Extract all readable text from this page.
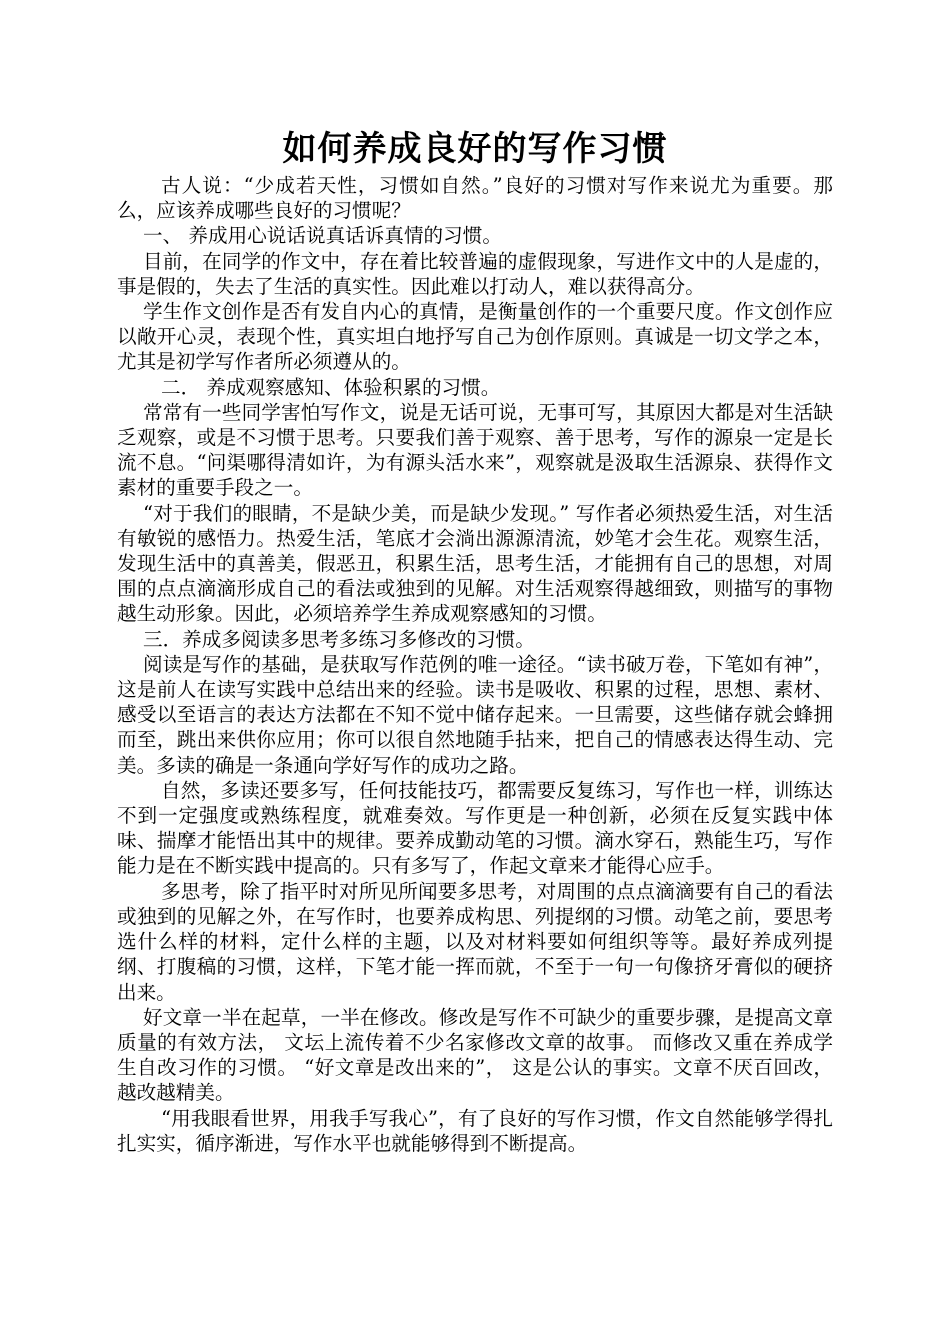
如何养成良好的写作习惯

古人说：“少成若天性，习惯如自然。”良好的习惯对写作来说尤为重要。那么，应该养成哪些良好的习惯呢？

一、 养成用心说话说真话诉真情的习惯。

目前，在同学的作文中，存在着比较普遍的虚假现象，写进作文中的人是虚的，事是假的，失去了生活的真实性。因此难以打动人，难以获得高分。

学生作文创作是否有发自内心的真情，是衡量创作的一个重要尺度。作文创作应以敞开心灵，表现个性，真实坦白地抒写自己为创作原则。真诚是一切文学之本，尤其是初学写作者所必须遵从的。

二． 养成观察感知、体验积累的习惯。

常常有一些同学害怕写作文，说是无话可说，无事可写，其原因大都是对生活缺乏观察，或是不习惯于思考。只要我们善于观察、善于思考，写作的源泉一定是长流不息。“问渠哪得清如许，为有源头活水来”，观察就是汲取生活源泉、获得作文素材的重要手段之一。

“对于我们的眼睛，不是缺少美，而是缺少发现。” 写作者必须热爱生活，对生活有敏锐的感悟力。热爱生活，笔底才会淌出源源清流，妙笔才会生花。观察生活，发现生活中的真善美，假恶丑，积累生活，思考生活，才能拥有自己的思想，对周围的点点滴滴形成自己的看法或独到的见解。对生活观察得越细致，则描写的事物越生动形象。因此，必须培养学生养成观察感知的习惯。

三．养成多阅读多思考多练习多修改的习惯。

阅读是写作的基础，是获取写作范例的唯一途径。“读书破万卷，下笔如有神”，这是前人在读写实践中总结出来的经验。读书是吸收、积累的过程，思想、素材、感受以至语言的表达方法都在不知不觉中储存起来。一旦需要，这些储存就会蜂拥而至，跳出来供你应用；你可以很自然地随手拈来，把自己的情感表达得生动、完美。多读的确是一条通向学好写作的成功之路。

自然，多读还要多写，任何技能技巧，都需要反复练习，写作也一样，训练达不到一定强度或熟练程度，就难奏效。写作更是一种创新，必须在反复实践中体味、揣摩才能悟出其中的规律。要养成勤动笔的习惯。滴水穿石，熟能生巧，写作能力是在不断实践中提高的。只有多写了，作起文章来才能得心应手。

多思考，除了指平时对所见所闻要多思考，对周围的点点滴滴要有自己的看法或独到的见解之外，在写作时，也要养成构思、列提纲的习惯。动笔之前，要思考选什么样的材料，定什么样的主题，以及对材料要如何组织等等。最好养成列提纲、打腹稿的习惯，这样，下笔才能一挥而就，不至于一句一句像挤牙膏似的硬挤出来。

好文章一半在起草，一半在修改。修改是写作不可缺少的重要步骤，是提高文章质量的有效方法， 文坛上流传着不少名家修改文章的故事。 而修改又重在养成学生自改习作的习惯。 “好文章是改出来的”， 这是公认的事实。文章不厌百回改，越改越精美。

“用我眼看世界，用我手写我心”，有了良好的写作习惯，作文自然能够学得扎扎实实，循序渐进，写作水平也就能够得到不断提高。
